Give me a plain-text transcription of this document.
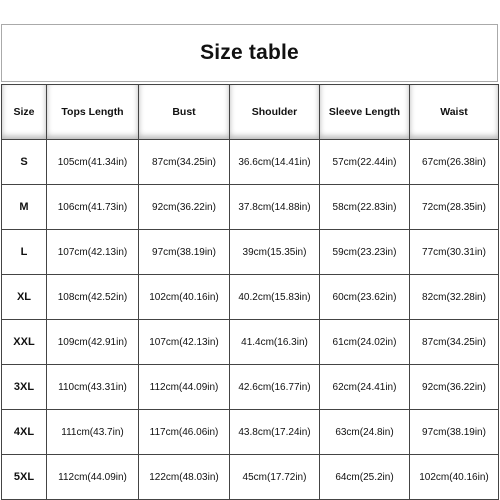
Size table
Size	Tops Length	Bust	Shoulder	Sleeve Length	Waist
S	105cm(41.34in)	87cm(34.25in)	36.6cm(14.41in)	57cm(22.44in)	67cm(26.38in)
M	106cm(41.73in)	92cm(36.22in)	37.8cm(14.88in)	58cm(22.83in)	72cm(28.35in)
L	107cm(42.13in)	97cm(38.19in)	39cm(15.35in)	59cm(23.23in)	77cm(30.31in)
XL	108cm(42.52in)	102cm(40.16in)	40.2cm(15.83in)	60cm(23.62in)	82cm(32.28in)
XXL	109cm(42.91in)	107cm(42.13in)	41.4cm(16.3in)	61cm(24.02in)	87cm(34.25in)
3XL	110cm(43.31in)	112cm(44.09in)	42.6cm(16.77in)	62cm(24.41in)	92cm(36.22in)
4XL	111cm(43.7in)	117cm(46.06in)	43.8cm(17.24in)	63cm(24.8in)	97cm(38.19in)
5XL	112cm(44.09in)	122cm(48.03in)	45cm(17.72in)	64cm(25.2in)	102cm(40.16in)
